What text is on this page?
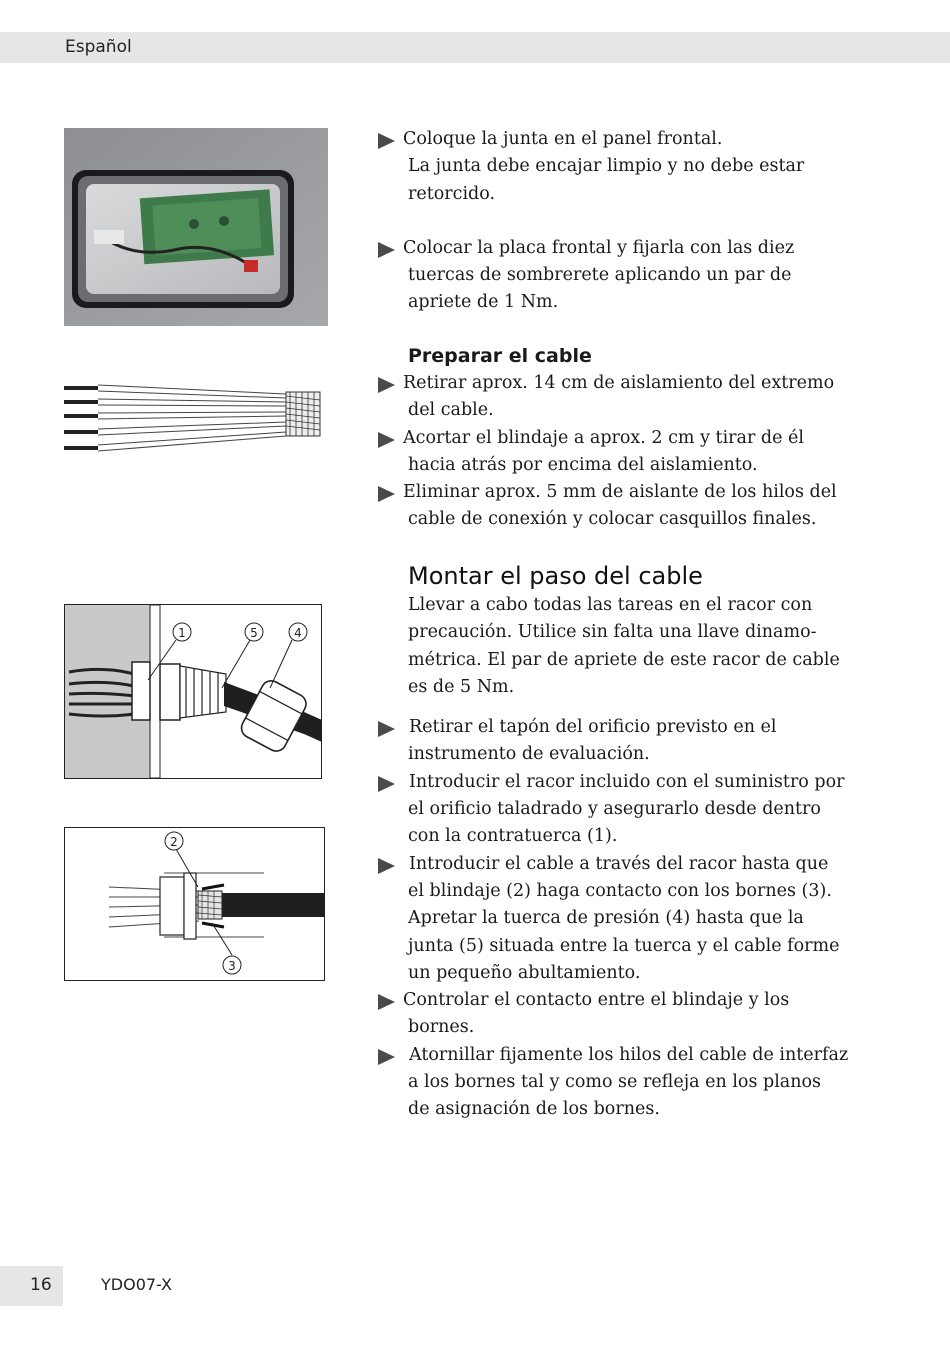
Español
1	5	4
2
3
Coloque la junta en el panel frontal.
La junta debe encajar limpio y no debe estar
retorcido.
Colocar la placa frontal y fijarla con las diez
tuercas de sombrerete aplicando un par de
apriete de 1 Nm.
Preparar el cable
Retirar aprox. 14 cm de aislamiento del extremo
del cable.
Acortar el blindaje a aprox. 2 cm y tirar de él
hacia atrás por encima del aislamiento.
Eliminar aprox. 5 mm de aislante de los hilos del
cable de conexión y colocar casquillos finales.
Montar el paso del cable
Llevar a cabo todas las tareas en el racor con
precaución. Utilice sin falta una llave dinamo-
métrica. El par de apriete de este racor de cable
es de 5 Nm.
Retirar el tapón del orificio previsto en el
instrumento de evaluación.
Introducir el racor incluido con el suministro por
el orificio taladrado y asegurarlo desde dentro
con la contratuerca (1).
Introducir el cable a través del racor hasta que
el blindaje (2) haga contacto con los bornes (3).
Apretar la tuerca de presión (4) hasta que la
junta (5) situada entre la tuerca y el cable forme
un pequeño abultamiento.
Controlar el contacto entre el blindaje y los
bornes.
Atornillar fijamente los hilos del cable de interfaz
a los bornes tal y como se refleja en los planos
de asignación de los bornes.
16	YDO07-X
